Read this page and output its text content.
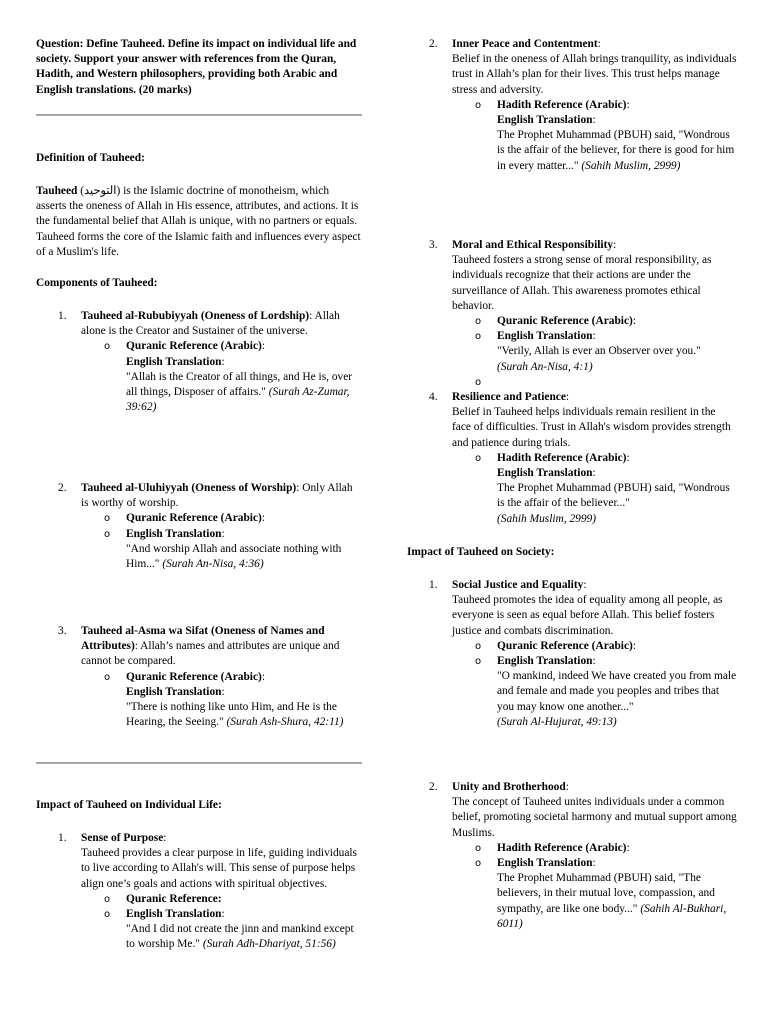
Question: Define Tauheed. Define its impact on individual life and society. Support your answer with references from the Quran, Hadith, and Western philosophers, providing both Arabic and English translations. (20 marks)

Definition of Tauheed:

Tauheed (التوحيد) is the Islamic doctrine of monotheism, which asserts the oneness of Allah in His essence, attributes, and actions. It is the fundamental belief that Allah is unique, with no partners or equals. Tauheed forms the core of the Islamic faith and influences every aspect of a Muslim's life.

Components of Tauheed:

1. Tauheed al-Rububiyyah (Oneness of Lordship): Allah alone is the Creator and Sustainer of the universe.
o Quranic Reference (Arabic):
English Translation:
"Allah is the Creator of all things, and He is, over all things, Disposer of affairs." (Surah Az-Zumar, 39:62)
2. Tauheed al-Uluhiyyah (Oneness of Worship): Only Allah is worthy of worship.
o Quranic Reference (Arabic):
o English Translation:
"And worship Allah and associate nothing with Him..." (Surah An-Nisa, 4:36)
3. Tauheed al-Asma wa Sifat (Oneness of Names and Attributes): Allah’s names and attributes are unique and cannot be compared.
o Quranic Reference (Arabic):
English Translation:
"There is nothing like unto Him, and He is the Hearing, the Seeing." (Surah Ash-Shura, 42:11)

Impact of Tauheed on Individual Life:

1. Sense of Purpose:
Tauheed provides a clear purpose in life, guiding individuals to live according to Allah's will. This sense of purpose helps align one’s goals and actions with spiritual objectives.
o Quranic Reference:
o English Translation:
"And I did not create the jinn and mankind except to worship Me." (Surah Adh-Dhariyat, 51:56)
2. Inner Peace and Contentment:
Belief in the oneness of Allah brings tranquility, as individuals trust in Allah’s plan for their lives. This trust helps manage stress and adversity.
o Hadith Reference (Arabic):
English Translation:
The Prophet Muhammad (PBUH) said, "Wondrous is the affair of the believer, for there is good for him in every matter..." (Sahih Muslim, 2999)
3. Moral and Ethical Responsibility:
Tauheed fosters a strong sense of moral responsibility, as individuals recognize that their actions are under the surveillance of Allah. This awareness promotes ethical behavior.
o Quranic Reference (Arabic):
o English Translation:
"Verily, Allah is ever an Observer over you."
(Surah An-Nisa, 4:1)
o

4. Resilience and Patience:
Belief in Tauheed helps individuals remain resilient in the face of difficulties. Trust in Allah's wisdom provides strength and patience during trials.
o Hadith Reference (Arabic):
English Translation:
The Prophet Muhammad (PBUH) said, "Wondrous is the affair of the believer..."
(Sahih Muslim, 2999)

Impact of Tauheed on Society:

1. Social Justice and Equality:
Tauheed promotes the idea of equality among all people, as everyone is seen as equal before Allah. This belief fosters justice and combats discrimination.
o Quranic Reference (Arabic):
o English Translation:
"O mankind, indeed We have created you from male and female and made you peoples and tribes that you may know one another..."
(Surah Al-Hujurat, 49:13)
2. Unity and Brotherhood:
The concept of Tauheed unites individuals under a common belief, promoting societal harmony and mutual support among Muslims.
o Hadith Reference (Arabic):
o English Translation:
The Prophet Muhammad (PBUH) said, "The believers, in their mutual love, compassion, and sympathy, are like one body..." (Sahih Al-Bukhari, 6011)
